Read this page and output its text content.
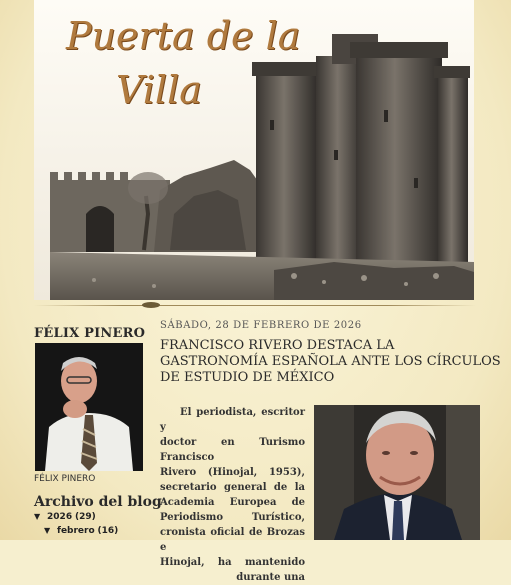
Puerta de la
Villa
FÉLIX PINERO
FÉLIX PINERO
Archivo del blog
▼ 2026 (29)
▼ febrero (16)
SÁBADO, 28 DE FEBRERO DE 2026
FRANCISCO RIVERO DESTACA LA
GASTRONOMÍA ESPAÑOLA ANTE LOS CÍRCULOS
DE ESTUDIO DE MÉXICO
El periodista, escritor y
doctor en Turismo Francisco
Rivero (Hinojal, 1953),
secretario general de la
Academia Europea de
Periodismo Turístico,
cronista oficial de Brozas e
Hinojal, ha mantenido
durante una
